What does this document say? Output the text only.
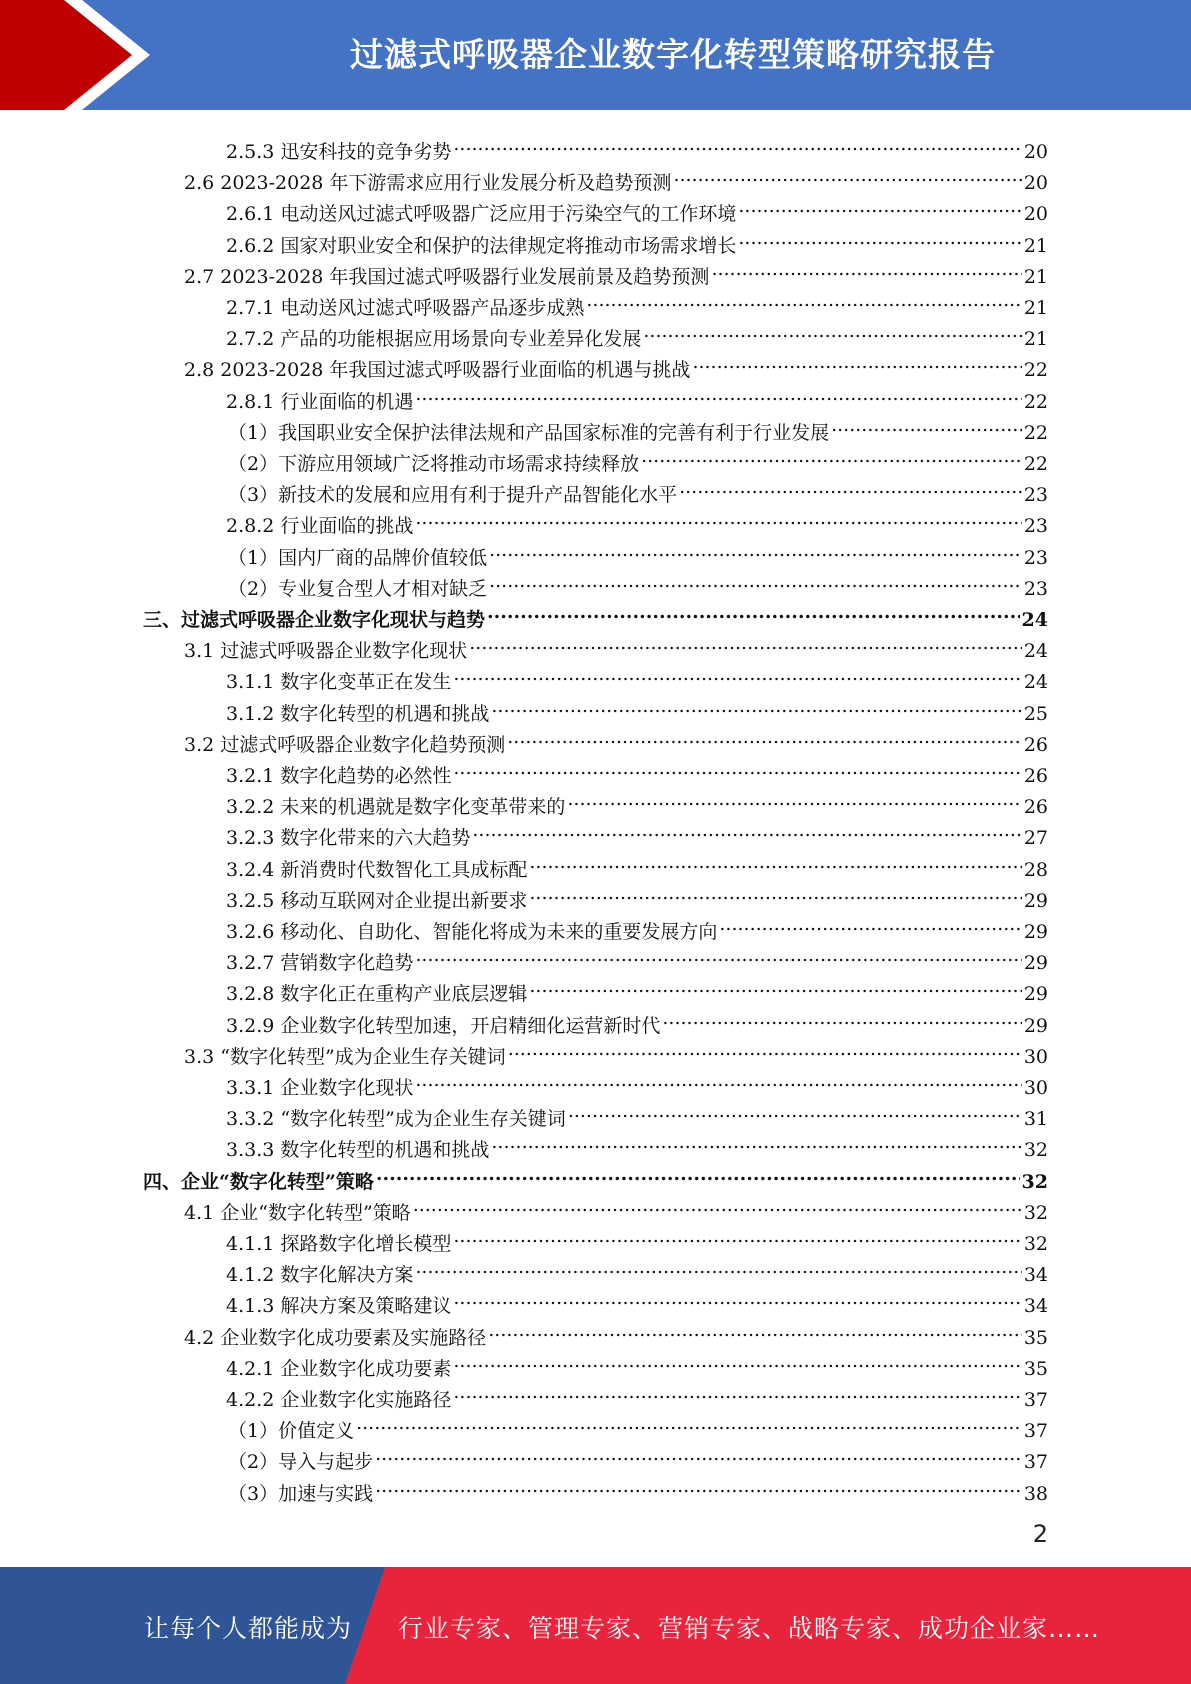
过滤式呼吸器企业数字化转型策略研究报告
2.5.3 迅安科技的竞争劣势 .....	20
2.6 2023-2028 年下游需求应用行业发展分析及趋势预测 .....	20
2.6.1 电动送风过滤式呼吸器广泛应用于污染空气的工作环境 .....	20
2.6.2 国家对职业安全和保护的法律规定将推动市场需求增长 .....	21
2.7 2023-2028 年我国过滤式呼吸器行业发展前景及趋势预测 .....	21
2.7.1 电动送风过滤式呼吸器产品逐步成熟 .....	21
2.7.2 产品的功能根据应用场景向专业差异化发展 .....	21
2.8 2023-2028 年我国过滤式呼吸器行业面临的机遇与挑战 .....	22
2.8.1 行业面临的机遇 .....	22
（1）我国职业安全保护法律法规和产品国家标准的完善有利于行业发展 .....	22
（2）下游应用领域广泛将推动市场需求持续释放 .....	22
（3）新技术的发展和应用有利于提升产品智能化水平 .....	23
2.8.2 行业面临的挑战 .....	23
（1）国内厂商的品牌价值较低 .....	23
（2）专业复合型人才相对缺乏 .....	23
三、过滤式呼吸器企业数字化现状与趋势 .....	24
3.1 过滤式呼吸器企业数字化现状 .....	24
3.1.1 数字化变革正在发生 .....	24
3.1.2 数字化转型的机遇和挑战 .....	25
3.2 过滤式呼吸器企业数字化趋势预测 .....	26
3.2.1 数字化趋势的必然性 .....	26
3.2.2 未来的机遇就是数字化变革带来的 .....	26
3.2.3 数字化带来的六大趋势 .....	27
3.2.4 新消费时代数智化工具成标配 .....	28
3.2.5 移动互联网对企业提出新要求 .....	29
3.2.6 移动化、自助化、智能化将成为未来的重要发展方向 .....	29
3.2.7 营销数字化趋势 .....	29
3.2.8 数字化正在重构产业底层逻辑 .....	29
3.2.9 企业数字化转型加速，开启精细化运营新时代 .....	29
3.3 “数字化转型”成为企业生存关键词 .....	30
3.3.1 企业数字化现状 .....	30
3.3.2 “数字化转型”成为企业生存关键词 .....	31
3.3.3 数字化转型的机遇和挑战 .....	32
四、企业“数字化转型”策略 .....	32
4.1 企业“数字化转型”策略 .....	32
4.1.1 探路数字化增长模型 .....	32
4.1.2 数字化解决方案 .....	34
4.1.3 解决方案及策略建议 .....	34
4.2 企业数字化成功要素及实施路径 .....	35
4.2.1 企业数字化成功要素 .....	35
4.2.2 企业数字化实施路径 .....	37
（1）价值定义 .....	37
（2）导入与起步 .....	37
（3）加速与实践 .....	38
2
让每个人都能成为 行业专家、管理专家、营销专家、战略专家、成功企业家……
